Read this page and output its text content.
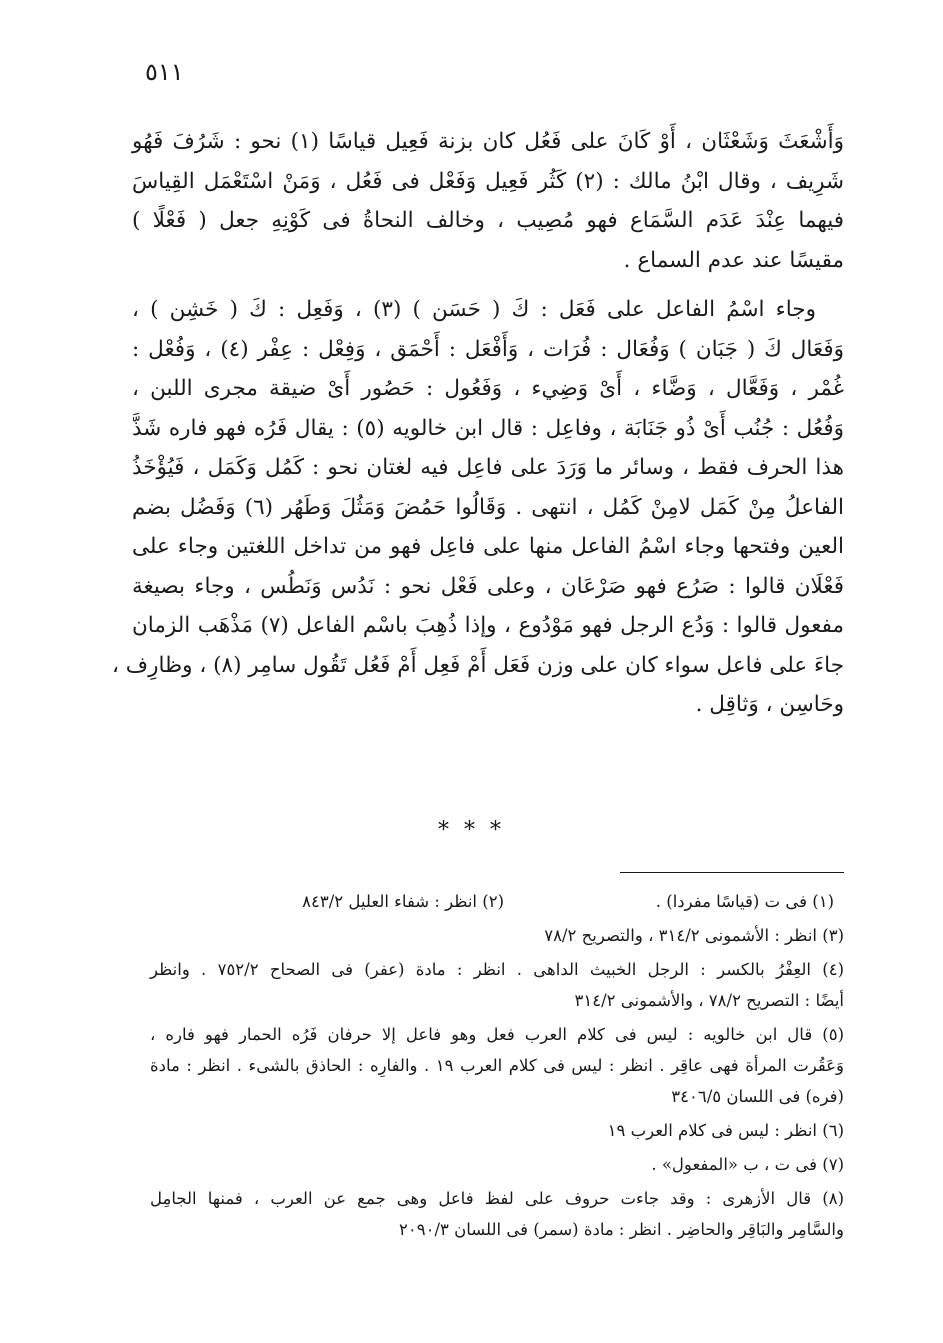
٥١١

وَأَشْعَثَ وَشَعْثَان ، أَوْ كَانَ على فَعُل كان بزنة فَعِيل قياسًا (١) نحو : شَرُفَ فَهُو
شَرِيف ، وقال ابْنُ مالك : (٢) كَثُر فَعِيل وَفَعْل فى فَعُل ، وَمَنْ اسْتَعْمَل القِياسَ
فيهما عِنْدَ عَدَم السَّمَاع فهو مُصِيب ، وخالف النحاةُ فى كَوْنِهِ جعل ( فَعْلًا )
مقيسًا عند عدم السماع .

وجاء اسْمُ الفاعل على فَعَل : كَ ( حَسَن ) (٣) ، وَفَعِل : كَ ( خَشِن ) ،
وَفَعَال كَ ( جَبَان ) وَفُعَال : فُرَات ، وَأَفْعَل : أَحْمَق ، وَفِعْل : عِفْر (٤) ، وَفُعْل :
غُمْر ، وَفَعَّال ، وَضَّاء ، أَىْ وَضِيء ، وَفَعُول : حَصُور أَىْ ضيقة مجرى اللبن ،
وَفُعُل : جُنُب أَىْ ذُو جَنَابَة ، وفاعِل : قال ابن خالويه (٥) : يقال فَرُه فهو فاره شَذَّ
هذا الحرف فقط ، وسائر ما وَرَدَ على فاعِل فيه لغتان نحو : كَمُل وَكَمَل ، فَيُؤْخَذُ
الفاعلُ مِنْ كَمَل لامِنْ كَمُل ، انتهى . وَقَالُوا حَمُضَ وَمَثُلَ وَطَهُر (٦) وَفَضُل بضم
العين وفتحها وجاء اسْمُ الفاعل منها على فاعِل فهو من تداخل اللغتين وجاء على
فَعْلَان قالوا : صَرُع فهو صَرْعَان ، وعلى فَعْل نحو : نَدُس وَنَطُس ، وجاء بصيغة
مفعول قالوا : وَدُع الرجل فهو مَوْدُوع ، وإذا ذُهِبَ باسْم الفاعل (٧) مَذْهَب الزمان
جاءَ على فاعل سواء كان على وزن فَعَل أَمْ فَعِل أَمْ فَعُل تَقُول سامِر (٨) ، وظارِف ،
وحَاسِن ، وَثاقِل .

* * *
(١) فى ت (قياسًا مفردا) .
(٢) انظر : شفاء العليل ٨٤٣/٢

(٣) انظر : الأشمونى ٣١٤/٢ ، والتصريح ٧٨/٢

(٤) العِفْرُ بالكسر : الرجل الخبيث الداهى . انظر : مادة (عفر) فى الصحاح ٧٥٢/٢ . وانظر
أيضًا : التصريح ٧٨/٢ ، والأشمونى ٣١٤/٢

(٥) قال ابن خالويه : ليس فى كلام العرب فعل وهو فاعل إلا حرفان فَرُه الحمار فهو فاره ،
وَعَقُرت المرأة فهى عاقِر . انظر : ليس فى كلام العرب ١٩ . والفارِه : الحاذق بالشىء . انظر : مادة
(فره) فى اللسان ٣٤٠٦/٥

(٦) انظر : ليس فى كلام العرب ١٩

(٧) فى ت ، ب «المفعول» .

(٨) قال الأزهرى : وقد جاءت حروف على لفظ فاعل وهى جمع عن العرب ، فمنها الجامِل
والسَّامِر والبَاقِر والحاضِر . انظر : مادة (سمر) فى اللسان ٢٠٩٠/٣
